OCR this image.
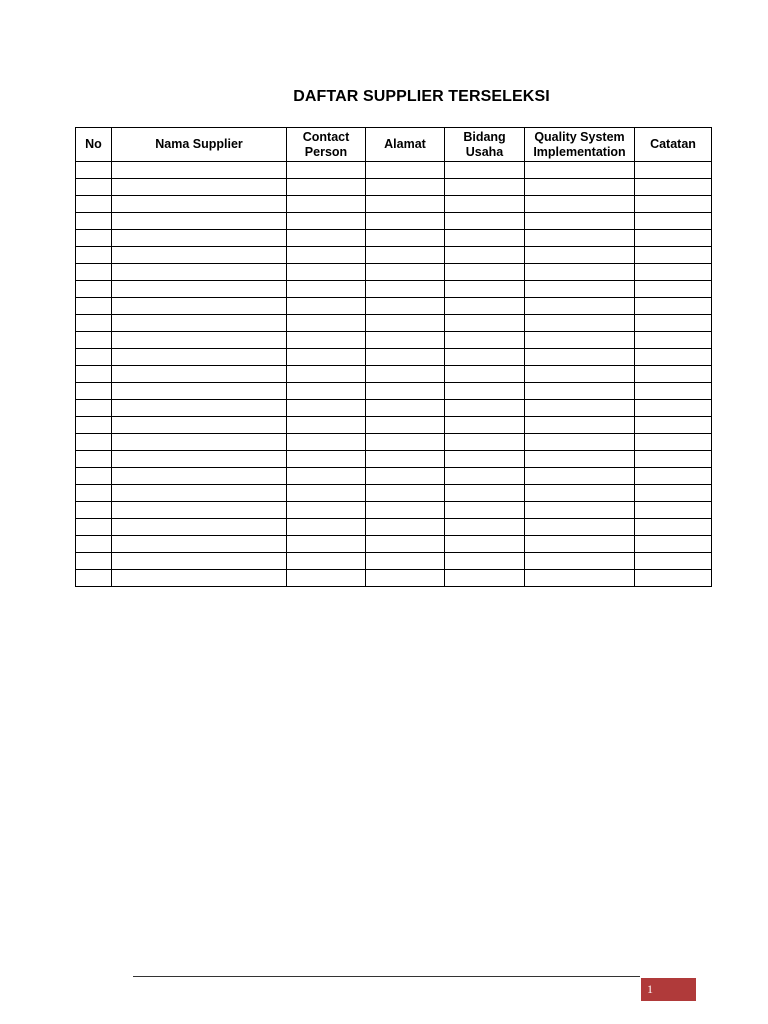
DAFTAR SUPPLIER TERSELEKSI
No	Nama Supplier	Contact Person	Alamat	Bidang Usaha	Quality System Implementation	Catatan

1
